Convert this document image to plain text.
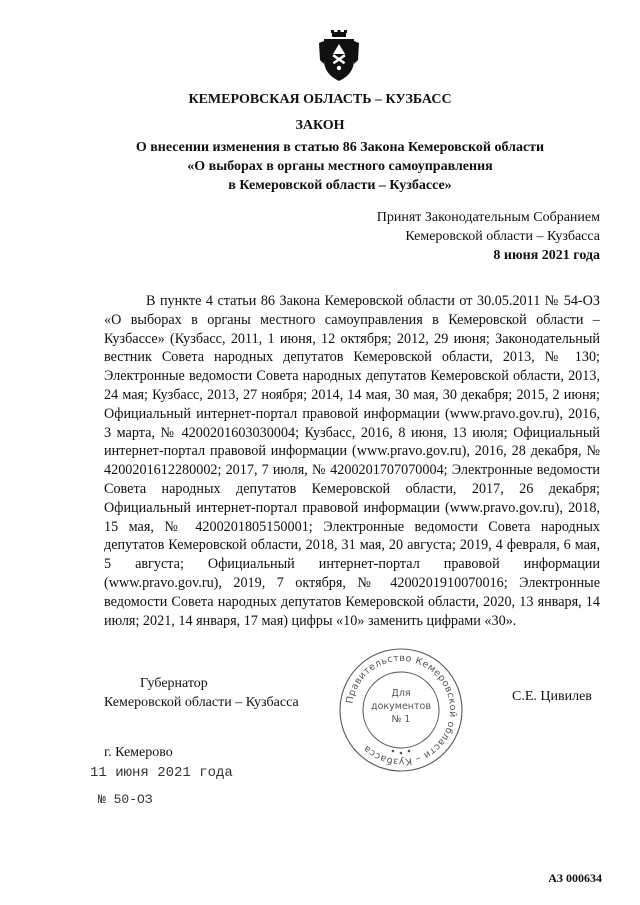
КЕМЕРОВСКАЯ ОБЛАСТЬ – КУЗБАСС
ЗАКОН
О внесении изменения в статью 86 Закона Кемеровской области
«О выборах в органы местного самоуправления
в Кемеровской области – Кузбассе»
Принят Законодательным Собранием
Кемеровской области – Кузбасса
8 июня 2021 года

В пункте 4 статьи 86 Закона Кемеровской области от 30.05.2011 № 54-ОЗ «О выборах в органы местного самоуправления в Кемеровской области – Кузбассе» (Кузбасс, 2011, 1 июня, 12 октября; 2012, 29 июня; Законодательный вестник Совета народных депутатов Кемеровской области, 2013, № 130; Электронные ведомости Совета народных депутатов Кемеровской области, 2013, 24 мая; Кузбасс, 2013, 27 ноября; 2014, 14 мая, 30 мая, 30 декабря; 2015, 2 июня; Официальный интернет-портал правовой информации (www.pravo.gov.ru), 2016, 3 марта, № 4200201603030004; Кузбасс, 2016, 8 июня, 13 июля; Официальный интернет-портал правовой информации (www.pravo.gov.ru), 2016, 28 декабря, № 4200201612280002; 2017, 7 июля, № 4200201707070004; Электронные ведомости Совета народных депутатов Кемеровской области, 2017, 26 декабря; Официальный интернет-портал правовой информации (www.pravo.gov.ru), 2018, 15 мая, № 4200201805150001; Электронные ведомости Совета народных депутатов Кемеровской области, 2018, 31 мая, 20 августа; 2019, 4 февраля, 6 мая, 5 августа; Официальный интернет-портал правовой информации (www.pravo.gov.ru), 2019, 7 октября, № 4200201910070016; Электронные ведомости Совета народных депутатов Кемеровской области, 2020, 13 января, 14 июля; 2021, 14 января, 17 мая) цифры «10» заменить цифрами «30».

Губернатор
Кемеровской области – Кузбасса	Правительство Кемеровской области – Кузбасса
Для
документов
№ 1
С.Е. Цивилев
г. Кемерово
11 июня 2021 года
№ 50-ОЗ
АЗ 000634
